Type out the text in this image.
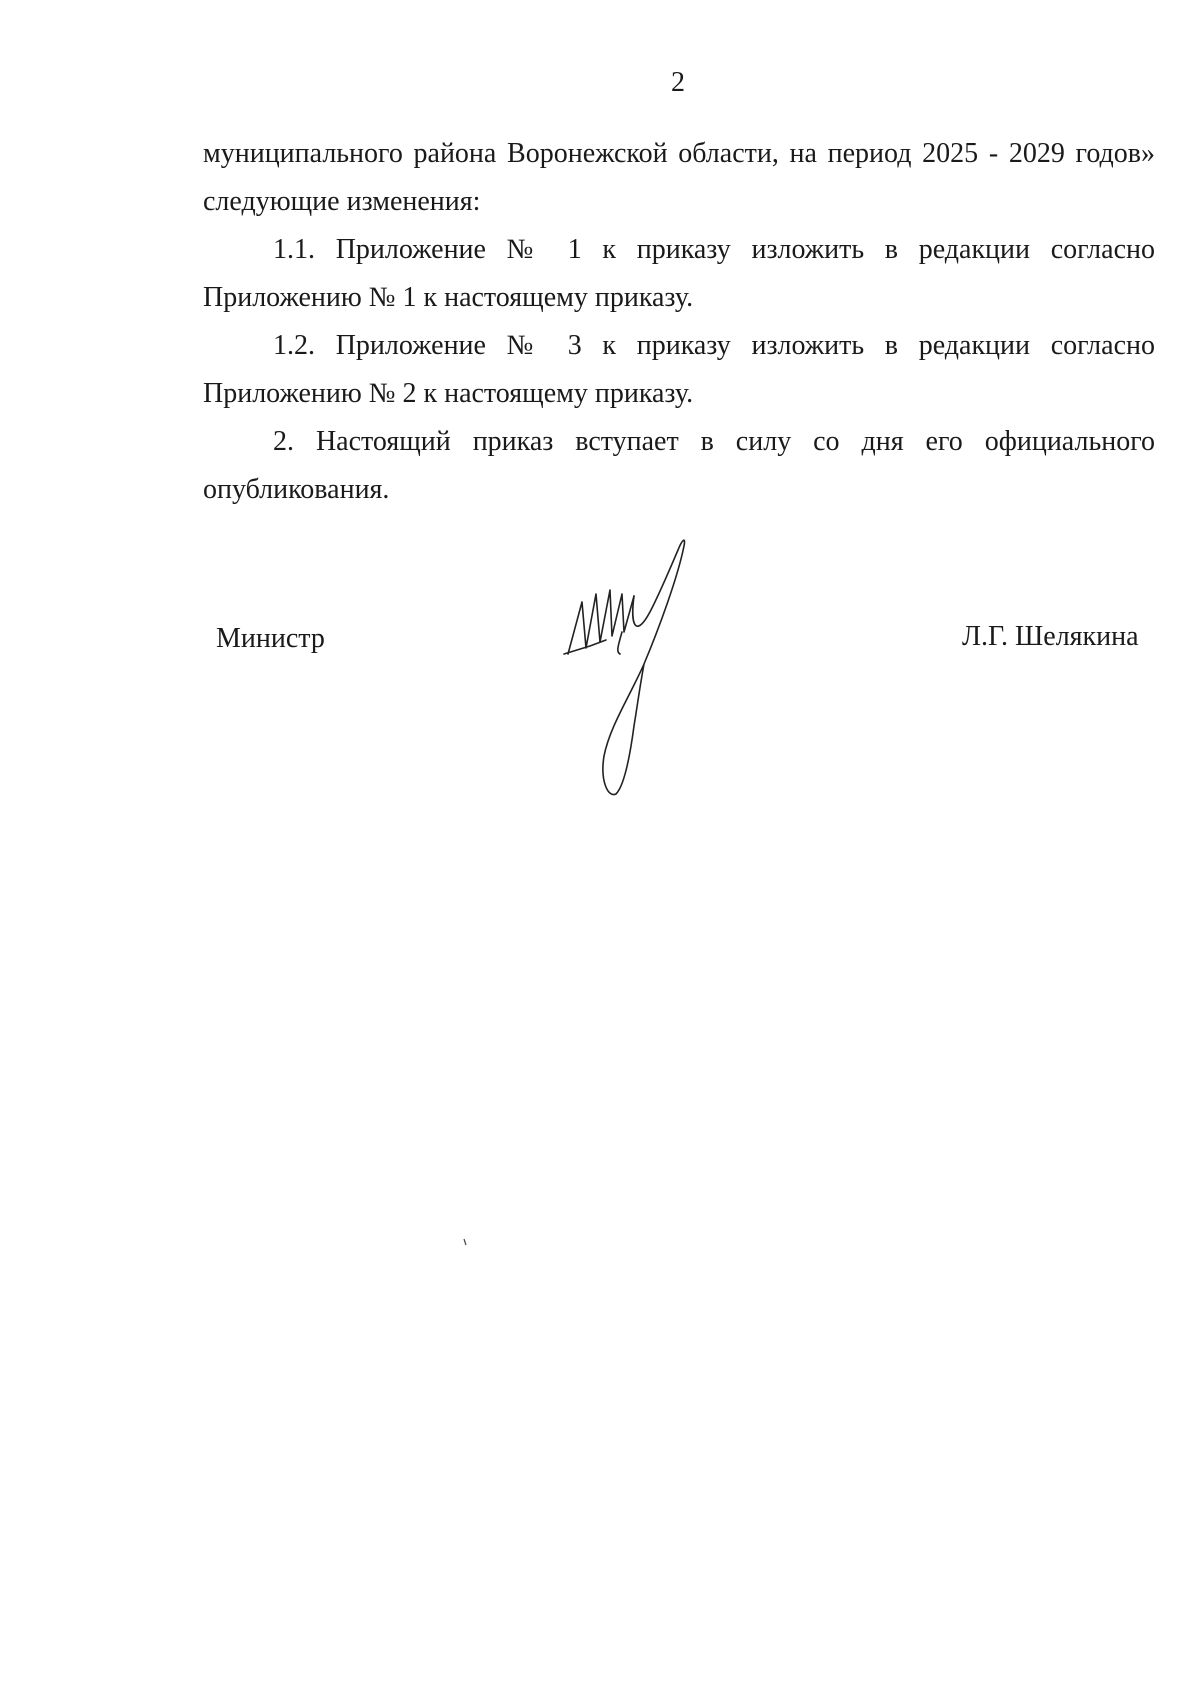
2
муниципального района Воронежской области, на период 2025 - 2029 годов»
следующие изменения:
1.1. Приложение № 1 к приказу изложить в редакции согласно
Приложению № 1 к настоящему приказу.
1.2. Приложение № 3 к приказу изложить в редакции согласно
Приложению № 2 к настоящему приказу.
2. Настоящий приказ вступает в силу со дня его официального
опубликования.
Министр	Л.Г. Шелякина
